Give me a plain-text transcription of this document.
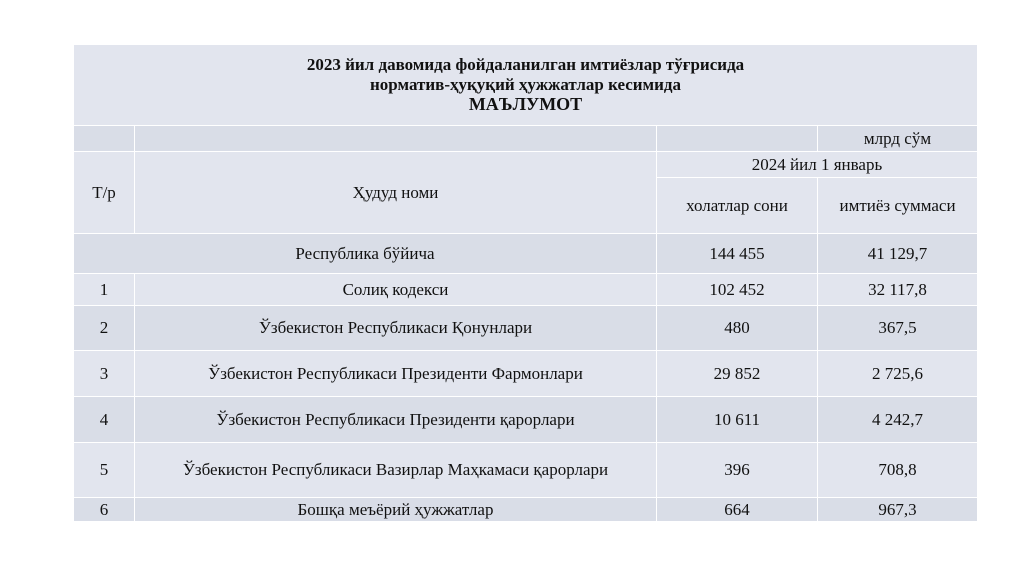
2023 йил давомида фойдаланилган имтиёзлар тўғрисида
норматив-ҳуқуқий ҳужжатлар кесимида
МАЪЛУМОТ			

			млрд сўм
Т/р	Ҳудуд номи	2024 йил 1 январь	
		холатлар сони	имтиёз суммаси
Республика бўйича		144 455	41 129,7
1	Солиқ кодекси	102 452	32 117,8
2	Ўзбекистон Республикаси Қонунлари	480	367,5
3	Ўзбекистон Республикаси Президенти Фармонлари	29 852	2 725,6
4	Ўзбекистон Республикаси Президенти қарорлари	10 611	4 242,7
5	Ўзбекистон Республикаси Вазирлар Маҳкамаси қарорлари	396	708,8
6	Бошқа меъёрий ҳужжатлар	664	967,3
